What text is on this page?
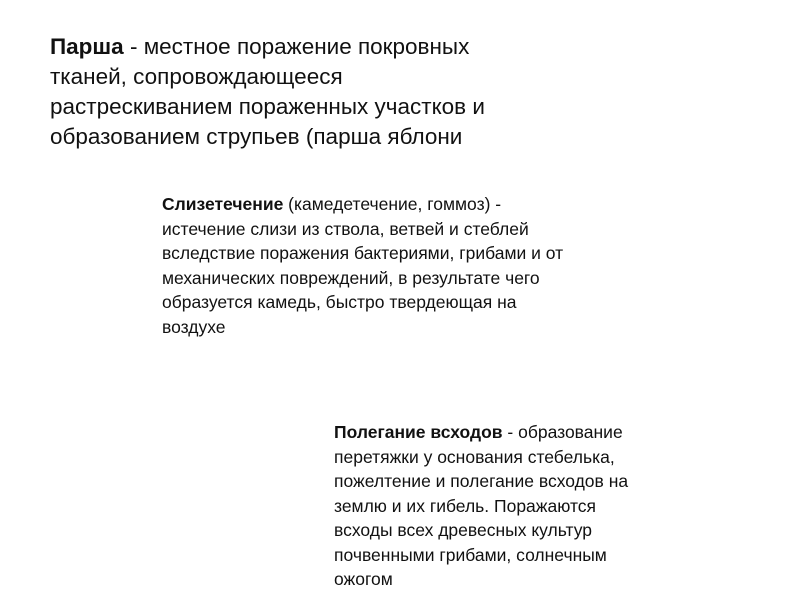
Парша - местное поражение покровных
тканей, сопровождающееся
растрескиванием пораженных участков и
образованием струпьев (парша яблони

Слизетечение (камедетечение, гоммоз) -
истечение слизи из ствола, ветвей и стеблей
вследствие поражения бактериями, грибами и от
механических повреждений, в результате чего
образуется камедь, быстро твердеющая на
воздухе

Полегание всходов - образование
перетяжки у основания стебелька,
пожелтение и полегание всходов на
землю и их гибель. Поражаются
всходы всех древесных культур
почвенными грибами, солнечным
ожогом
